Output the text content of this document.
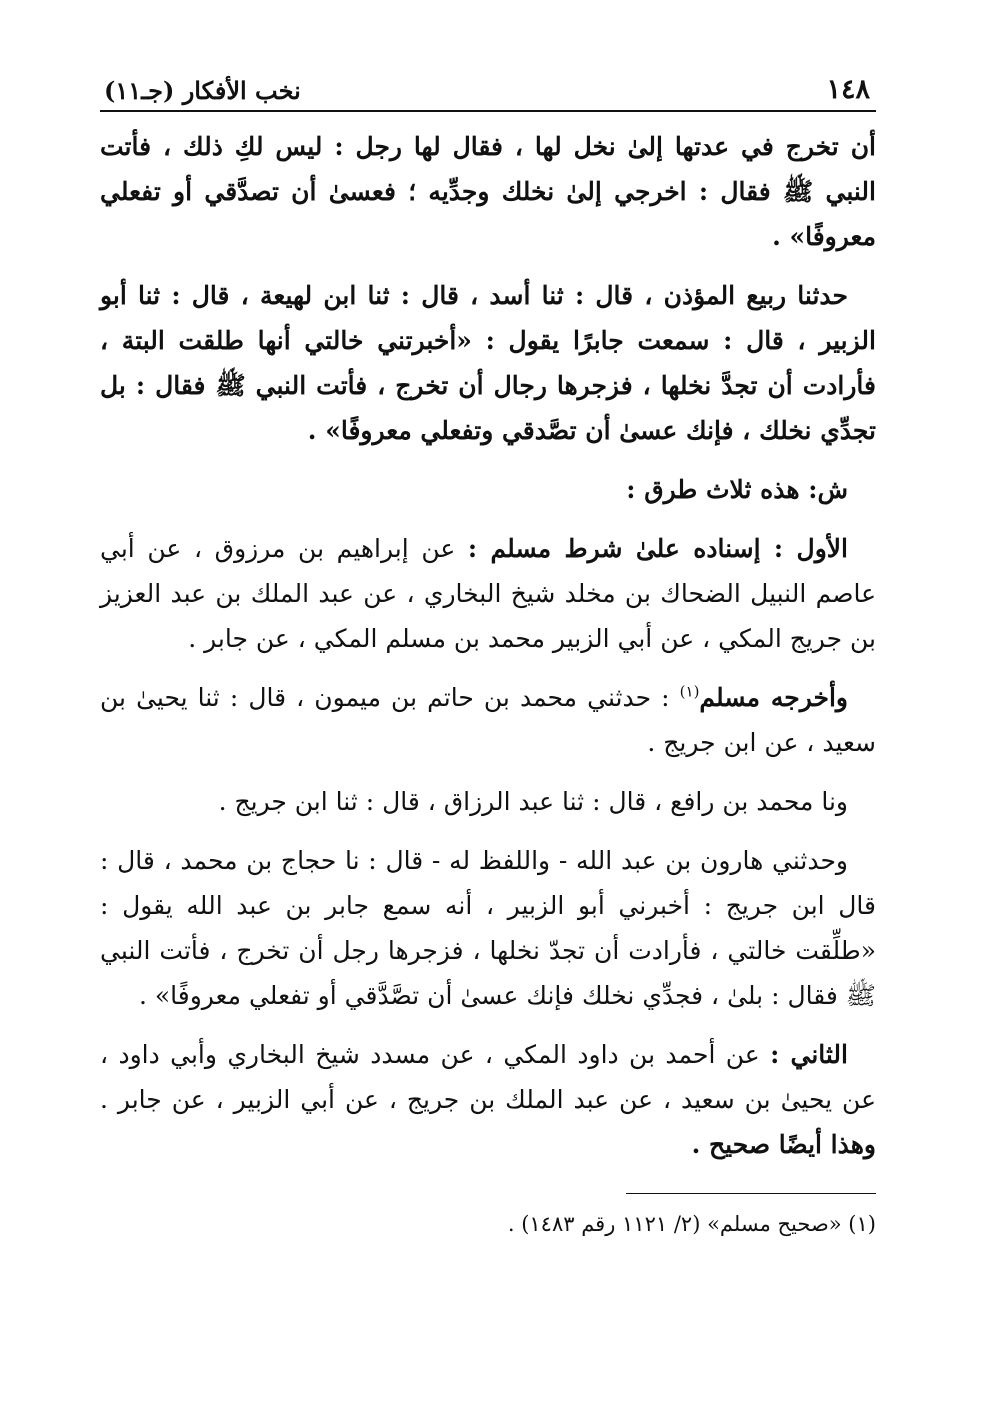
١٤٨
نخب الأفكار (جـ١١)

أن تخرج في عدتها إلىٰ نخل لها ، فقال لها رجل : ليس لكِ ذلك ، فأتت النبي ﷺ فقال : اخرجي إلىٰ نخلك وجدِّيه ؛ فعسىٰ أن تصدَّقي أو تفعلي معروفًا» .

حدثنا ربيع المؤذن ، قال : ثنا أسد ، قال : ثنا ابن لهيعة ، قال : ثنا أبو الزبير ، قال : سمعت جابرًا يقول : «أخبرتني خالتي أنها طلقت البتة ، فأرادت أن تجدَّ نخلها ، فزجرها رجال أن تخرج ، فأتت النبي ﷺ فقال : بل تجدِّي نخلك ، فإنك عسىٰ أن تصَّدقي وتفعلي معروفًا» .

ش: هذه ثلاث طرق :

الأول : إسناده علىٰ شرط مسلم : عن إبراهيم بن مرزوق ، عن أبي عاصم النبيل الضحاك بن مخلد شيخ البخاري ، عن عبد الملك بن عبد العزيز بن جريج المكي ، عن أبي الزبير محمد بن مسلم المكي ، عن جابر .

وأخرجه مسلم$^{(١)}$ : حدثني محمد بن حاتم بن ميمون ، قال : ثنا يحيىٰ بن سعيد ، عن ابن جريج .

ونا محمد بن رافع ، قال : ثنا عبد الرزاق ، قال : ثنا ابن جريج .

وحدثني هارون بن عبد الله - واللفظ له - قال : نا حجاج بن محمد ، قال : قال ابن جريج : أخبرني أبو الزبير ، أنه سمع جابر بن عبد الله يقول : «طلِّقت خالتي ، فأرادت أن تجدّ نخلها ، فزجرها رجل أن تخرج ، فأتت النبي ﷺ فقال : بلىٰ ، فجدِّي نخلك فإنك عسىٰ أن تصَّدَّقي أو تفعلي معروفًا» .

الثاني : عن أحمد بن داود المكي ، عن مسدد شيخ البخاري وأبي داود ، عن يحيىٰ بن سعيد ، عن عبد الملك بن جريج ، عن أبي الزبير ، عن جابر . وهذا أيضًا صحيح .

(١) «صحيح مسلم» (٢/ ١١٢١ رقم ١٤٨٣) .
